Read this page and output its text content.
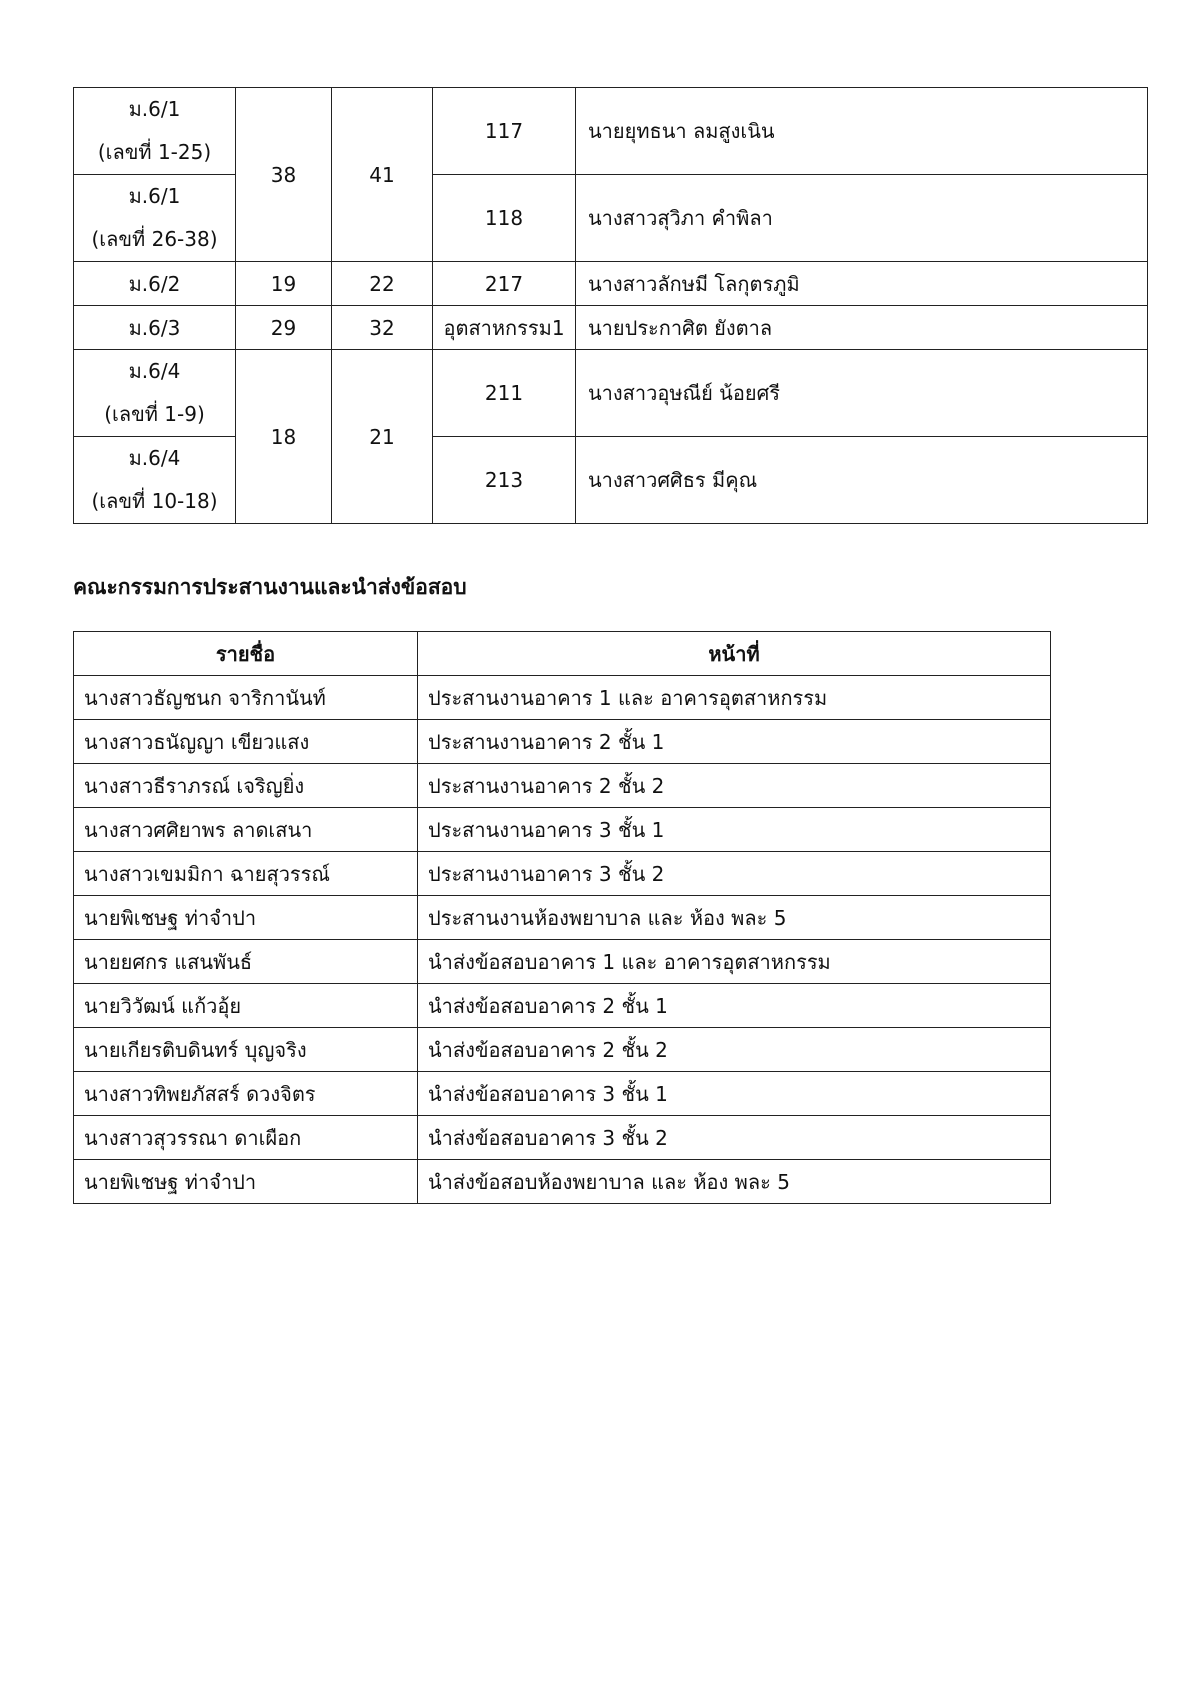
ม.6/1
(เลขที่ 1-25)	38	41	117	นายยุทธนา ลมสูงเนิน

ม.6/1
(เลขที่ 26-38)			118	นางสาวสุวิภา คำพิลา
ม.6/2	19	22	217	นางสาวลักษมี โลกุตรภูมิ
ม.6/3	29	32	อุตสาหกรรม1	นายประกาศิต ยังตาล

ม.6/4
(เลขที่ 1-9)	18	21	211	นางสาวอุษณีย์ น้อยศรี

ม.6/4
(เลขที่ 10-18)			213	นางสาวศศิธร มีคุณ
คณะกรรมการประสานงานและนำส่งข้อสอบ
รายชื่อ	หน้าที่
นางสาวธัญชนก จาริกานันท์	ประสานงานอาคาร 1 และ อาคารอุตสาหกรรม
นางสาวธนัญญา เขียวแสง	ประสานงานอาคาร 2 ชั้น 1
นางสาวธีราภรณ์ เจริญยิ่ง	ประสานงานอาคาร 2 ชั้น 2
นางสาวศศิยาพร ลาดเสนา	ประสานงานอาคาร 3 ชั้น 1
นางสาวเขมมิกา ฉายสุวรรณ์	ประสานงานอาคาร 3 ชั้น 2
นายพิเชษฐ ท่าจำปา	ประสานงานห้องพยาบาล และ ห้อง พละ 5
นายยศกร แสนพันธ์	นำส่งข้อสอบอาคาร 1 และ อาคารอุตสาหกรรม
นายวิวัฒน์ แก้วอุ้ย	นำส่งข้อสอบอาคาร 2 ชั้น 1
นายเกียรติบดินทร์ บุญจริง	นำส่งข้อสอบอาคาร 2 ชั้น 2
นางสาวทิพยภัสสร์ ดวงจิตร	นำส่งข้อสอบอาคาร 3 ชั้น 1
นางสาวสุวรรณา ดาเผือก	นำส่งข้อสอบอาคาร 3 ชั้น 2
นายพิเชษฐ ท่าจำปา	นำส่งข้อสอบห้องพยาบาล และ ห้อง พละ 5
